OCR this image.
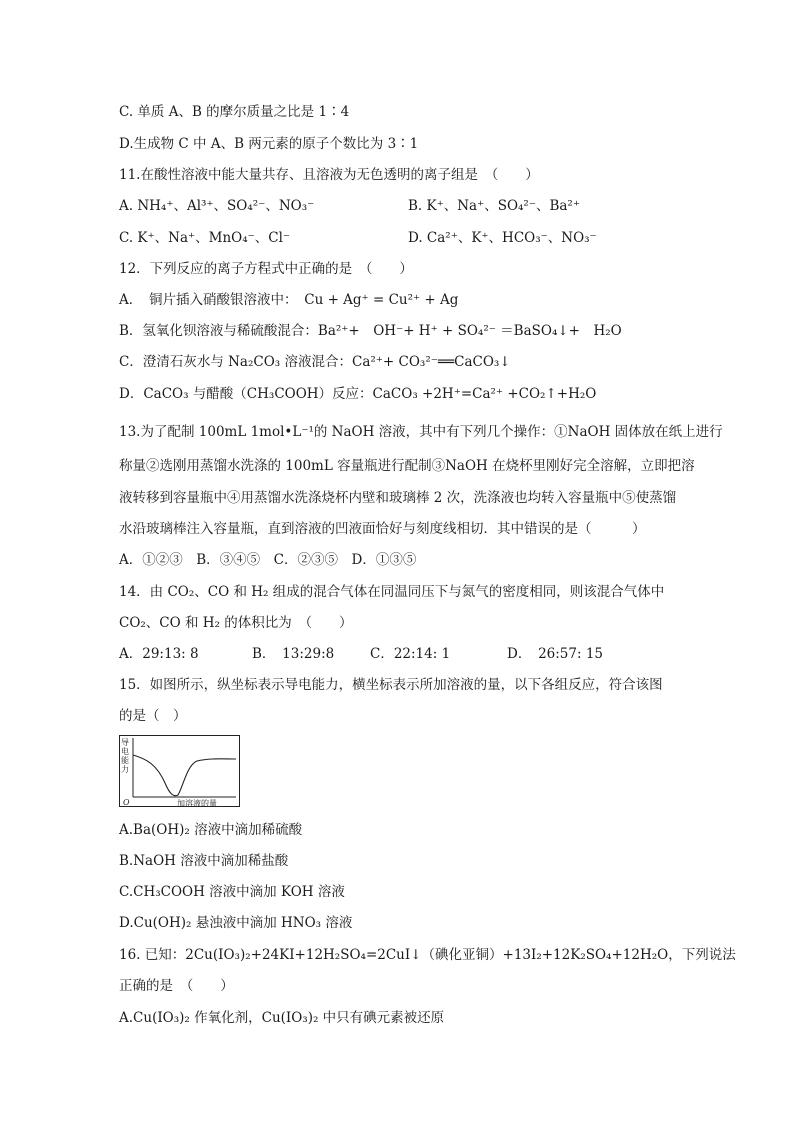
C. 单质 A、B 的摩尔质量之比是 1∶4
D.生成物 C 中 A、B 两元素的原子个数比为 3∶1
11.在酸性溶液中能大量共存、且溶液为无色透明的离子组是　（　　）
A. NH₄⁺、Al³⁺、SO₄²⁻、NO₃⁻	B. K⁺、Na⁺、SO₄²⁻、Ba²⁺
C. K⁺、Na⁺、MnO₄⁻、Cl⁻	D. Ca²⁺、K⁺、HCO₃⁻、NO₃⁻
12．下列反应的离子方程式中正确的是　（　　）
A．　铜片插入硝酸银溶液中：　Cu + Ag⁺ = Cu²⁺ + Ag
B．氢氧化钡溶液与稀硫酸混合：Ba²⁺+　OH⁻+ H⁺ + SO₄²⁻ ＝BaSO₄↓+　H₂O
C．澄清石灰水与 Na₂CO₃ 溶液混合：Ca²⁺+ CO₃²⁻══CaCO₃↓
D．CaCO₃ 与醋酸（CH₃COOH）反应：CaCO₃ +2H⁺=Ca²⁺ +CO₂↑+H₂O
13.为了配制 100mL 1mol•L⁻¹的 NaOH 溶液，其中有下列几个操作：①NaOH 固体放在纸上进行
称量②选刚用蒸馏水洗涤的 100mL 容量瓶进行配制③NaOH 在烧杯里刚好完全溶解，立即把溶
液转移到容量瓶中④用蒸馏水洗涤烧杯内壁和玻璃棒 2 次，洗涤液也均转入容量瓶中⑤使蒸馏
水沿玻璃棒注入容量瓶，直到溶液的凹液面恰好与刻度线相切．其中错误的是（　　　）
A．①②③　B．③④⑤　C．②③⑤　D．①③⑤
14．由 CO₂、CO 和 H₂ 组成的混合气体在同温同压下与氮气的密度相同，则该混合气体中
CO₂、CO 和 H₂ 的体积比为　（　　）
A．29:13: 8	B．　13:29:8	C．22:14: 1	D．　26:57: 15
15．如图所示，纵坐标表示导电能力，横坐标表示所加溶液的量，以下各组反应，符合该图
的是（　）
导
电
能
力
O	加溶液的量
A.Ba(OH)₂ 溶液中滴加稀硫酸
B.NaOH 溶液中滴加稀盐酸
C.CH₃COOH 溶液中滴加 KOH 溶液
D.Cu(OH)₂ 悬浊液中滴加 HNO₃ 溶液
16. 已知：2Cu(IO₃)₂+24KI+12H₂SO₄=2CuI↓（碘化亚铜）+13I₂+12K₂SO₄+12H₂O，下列说法
正确的是　（　　）
A.Cu(IO₃)₂ 作氧化剂，Cu(IO₃)₂ 中只有碘元素被还原
